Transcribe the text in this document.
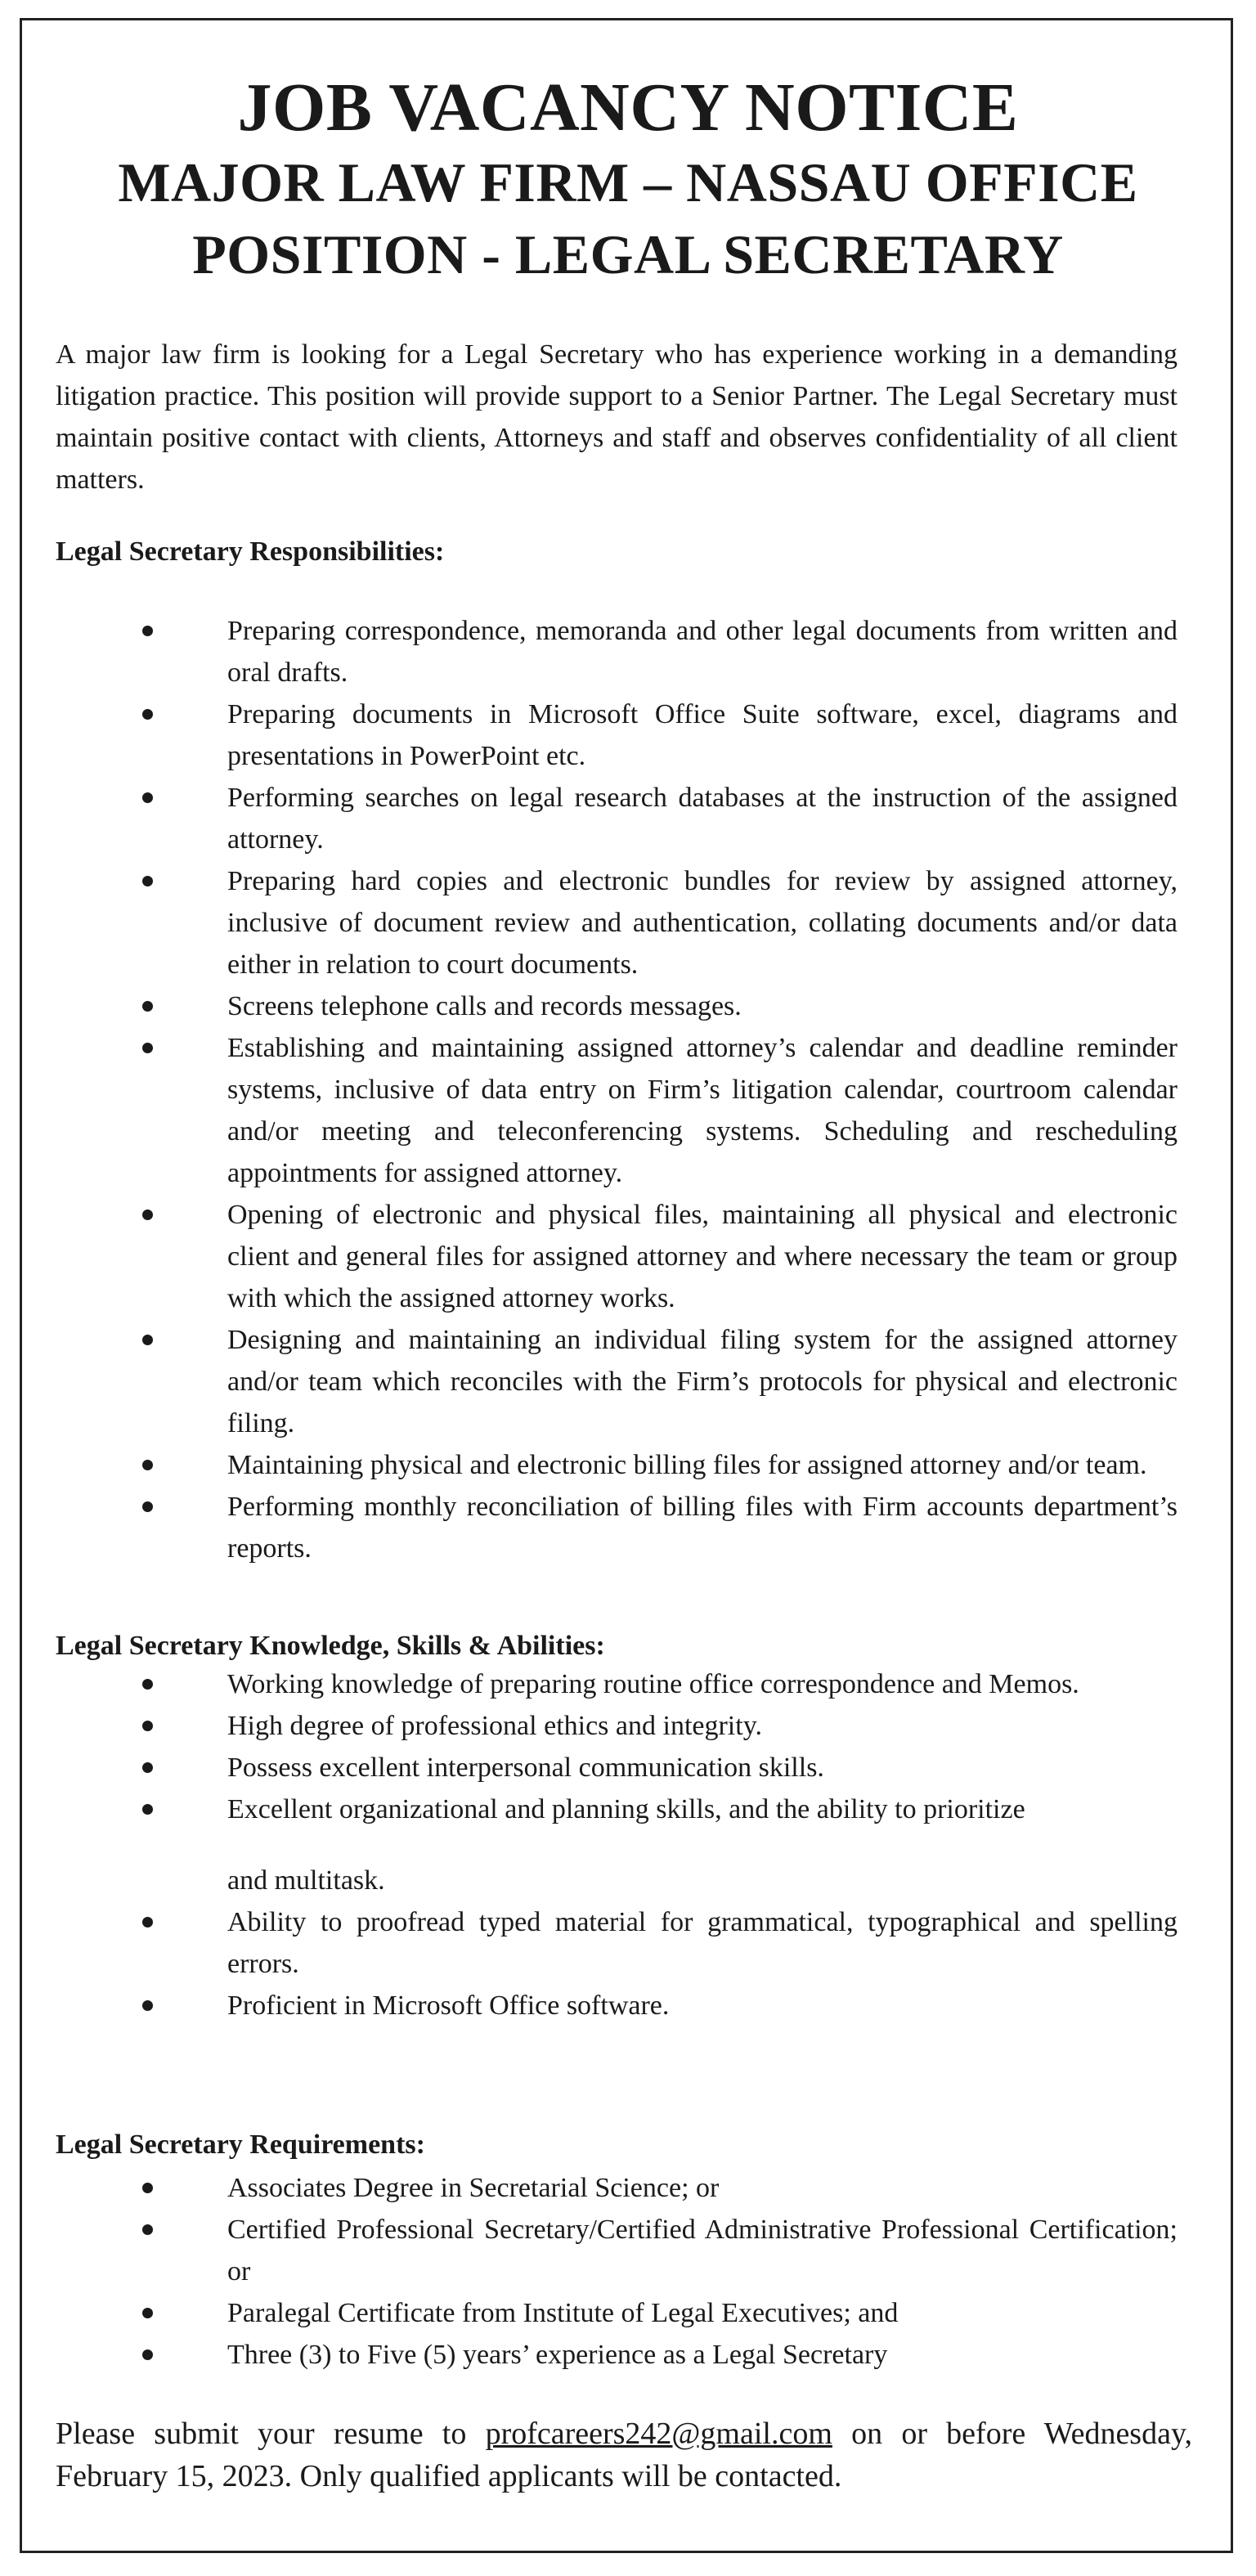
JOB VACANCY NOTICE
MAJOR LAW FIRM – NASSAU OFFICE
POSITION - LEGAL SECRETARY

A major law firm is looking for a Legal Secretary who has experience working in a demanding litigation practice. This position will provide support to a Senior Partner. The Legal Secretary must maintain positive contact with clients, Attorneys and staff and observes confidentiality of all client matters.

Legal Secretary Responsibilities:

Preparing correspondence, memoranda and other legal documents from written and oral drafts.
Preparing documents in Microsoft Office Suite software, excel, diagrams and presentations in PowerPoint etc.
Performing searches on legal research databases at the instruction of the assigned attorney.
Preparing hard copies and electronic bundles for review by assigned attorney, inclusive of document review and authentication, collating documents and/or data either in relation to court documents.
Screens telephone calls and records messages.
Establishing and maintaining assigned attorney’s calendar and deadline reminder systems, inclusive of data entry on Firm’s litigation calendar, courtroom calendar and/or meeting and teleconferencing systems. Scheduling and rescheduling appointments for assigned attorney.
Opening of electronic and physical files, maintaining all physical and electronic client and general files for assigned attorney and where necessary the team or group with which the assigned attorney works.
Designing and maintaining an individual filing system for the assigned attorney and/or team which reconciles with the Firm’s protocols for physical and electronic filing.
Maintaining physical and electronic billing files for assigned attorney and/or team.
Performing monthly reconciliation of billing files with Firm accounts department’s reports.

Legal Secretary Knowledge, Skills & Abilities:

Working knowledge of preparing routine office correspondence and Memos.
High degree of professional ethics and integrity.
Possess excellent interpersonal communication skills.
Excellent organizational and planning skills, and the ability to prioritize
and multitask.
Ability to proofread typed material for grammatical, typographical and spelling errors.
Proficient in Microsoft Office software.

Legal Secretary Requirements:

Associates Degree in Secretarial Science; or
Certified Professional Secretary/Certified Administrative Professional Certification; or
Paralegal Certificate from Institute of Legal Executives; and
Three (3) to Five (5) years’ experience as a Legal Secretary

Please submit your resume to profcareers242@gmail.com on or before Wednesday, February 15, 2023. Only qualified applicants will be contacted.
